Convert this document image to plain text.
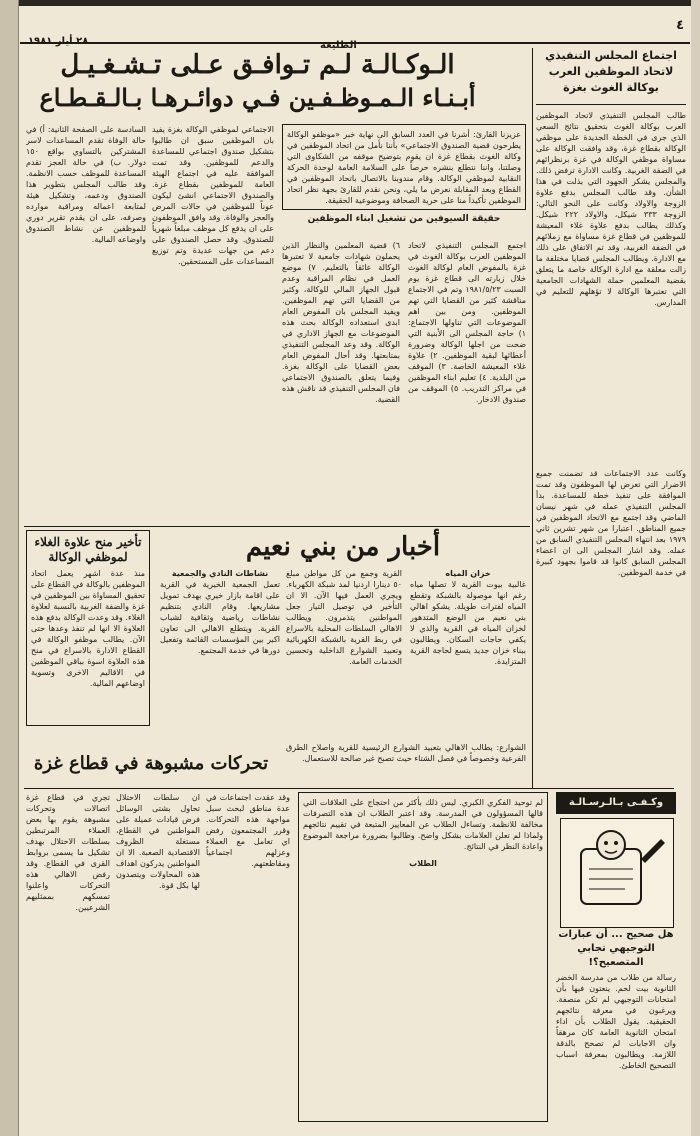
٤
الطليعة
٢٨ أيار ١٩٨١
اجتماع المجلس التنفيذي لاتحاد الموظفين العرب بوكالة الغوث بغزة
طالب المجلس التنفيذي لاتحاد الموظفين العرب بوكالة الغوث بتحقيق نتائج السعي الذي جرى في الخطة الجديدة على موظفي الوكالة بقطاع غزة، وقد وافقت الوكالة على مساواة موظفي الوكالة في غزة برنظرائهم في الضفة الغربية. وكانت الادارة ترفض ذلك. والمجلس يشكر الجهود التي بذلت في هذا الشأن. وقد طالب المجلس بدفع علاوة الزوجة والاولاد وكانت على النحو التالي: الزوجة ٣٣٣ شيكل، والاولاد ٢٢٢ شيكل. وكذلك يطالب بدفع علاوة غلاء المعيشة للموظفين في قطاع غزة مساواة مع زملائهم في الضفة الغربية، وقد تم الاتفاق على ذلك مع الادارة. ويطالب المجلس قضايا مختلفة ما زالت معلقة مع ادارة الوكالة خاصة ما يتعلق بقضية المعلمين حملة الشهادات الجامعية التي تعتبرها الوكالة لا تؤهلهم للتعليم في المدارس.
وكانت عدد الاجتماعات قد تضمنت جميع الاضرار التي تعرض لها الموظفون وقد تمت الموافقة على تنفيذ خطة للمساعدة. بدأ المجلس التنفيذي عمله في شهر نيسان الماضي وقد اجتمع مع الاتحاد الموظفين في جميع المناطق. اعتبارا من شهر تشرين ثاني ١٩٧٩ بعد انتهاء المجلس التنفيذي السابق من عمله. وقد اشار المجلس الى ان اعضاء المجلس السابق كانوا قد قاموا بجهود كبيرة في خدمة الموظفين.
الـوكـالـة لـم تـوافـق عـلى تـشـغـيـل
أبـنـاء الـمـوظـفـين فـي دوائـرهـا بـالـقـطـاع
عزيزنا القارئ: أشرنا في العدد السابق الى نهاية خبر «موظفو الوكالة يطرحون قضية الصندوق الاجتماعي» بأننا نأمل من اتحاد الموظفين في وكالة الغوث بقطاع غزة ان يقوم بتوضيح موقفه من الشكاوى التي وصلتنا، واننا نتطلع بنشره حرصاً على السلامة العامة لوحدة الحركة النقابية لموظفي الوكالة. وقام مندوبنا بالاتصال باتحاد الموظفين في القطاع وبعد المقابلة نعرض ما يلي، ونحن نقدم للقارئ بجهة نظر اتحاد الموظفين تأكيداً منا على حرية الصحافة وموضوعية الحقيقة.
حقيقة السيوفين من تشغيل أبناء الموظفين
اجتمع المجلس التنفيذي لاتحاد الموظفين العرب بوكالة الغوث في غزة بالمفوض العام لوكالة الغوث خلال زيارته الى قطاع غزة يوم السبت ١٩٨١/٥/٢٣ وتم في الاجتماع مناقشة كثير من القضايا التي تهم الموظفين. ومن بين اهم الموضوعات التي تناولها الاجتماع: ١) حاجة المجلس الى الأبنية التي ضحت من اجلها الوكالة وضرورة أعطائها لبقية الموظفين. ٢) علاوة غلاء المعيشة الخاصة. ٣) الموقف من البلدية. ٤) تعليم ابناء الموظفين في مراكز التدريب. ٥) الموقف من صندوق الادخار.
٦) قضية المعلمين والنظار الذين يحملون شهادات جامعية لا تعتبرها الوكالة عائقاً بالتعليم. ٧) موضع العمل في نظام المراقبة وعدم قبول الجهاز المالي للوكالة، وكثير من القضايا التي تهم الموظفين. ويفيد المجلس بان المفوض العام ابدى استعداده الوكالة بحث هذه الموضوعات مع الجهاز الاداري في الوكالة. وقد وعد المجلس التنفيذي بمتابعتها. وقد أحال المفوض العام بعض القضايا على الوكالة بغزة. وفيما يتعلق بالصندوق الاجتماعي فان المجلس التنفيذي قد ناقش هذه القضية.
الاجتماعي لموظفي الوكالة بغزة يفيد بان الموظفين سبق ان طالبوا بتشكيل صندوق اجتماعي للمساعدة والدعم للموظفين. وقد تمت الموافقة عليه في اجتماع الهيئة العامة للموظفين بقطاع غزة. والصندوق الاجتماعي انشئ ليكون عوناً للموظفين في حالات المرض والعجز والوفاة. وقد وافق الموظفون على ان يدفع كل موظف مبلغاً شهرياً للصندوق. وقد حصل الصندوق على دعم من جهات عديدة وتم توزيع المساعدات على المستحقين.
السادسة على الصفحة الثانية: أ) في حالة الوفاة تقدم المساعدات لاسر المشتركين بالتساوي بواقع ١٥٠ دولار. ب) في حالة العجز تقدم المساعدة للموظف حسب الانظمة. وقد طالب المجلس بتطوير هذا الصندوق ودعمه، وتشكيل هيئة لمتابعة اعماله ومراقبة موارده وصرفه، على ان يقدم تقرير دوري للموظفين عن نشاط الصندوق واوضاعه المالية.
تأخير منح علاوة الغلاء لموظفي الوكالة
منذ عدة اشهر يعمل اتحاد الموظفين بالوكالة في القطاع على تحقيق المساواة بين الموظفين في غزة والضفة الغربية بالنسبة لعلاوة الغلاء. وقد وعدت الوكالة بدفع هذه العلاوة الا انها لم تنفذ وعدها حتى الآن. يطالب موظفو الوكالة في القطاع الادارة بالاسراع في منح هذه العلاوة اسوة بباقي الموظفين في الاقاليم الاخرى وتسوية اوضاعهم المالية.
أخبار من بني نعيم
خزان المياه
غالبية بيوت القرية لا تصلها مياه رغم انها موصولة بالشبكة وتقطع المياه لفترات طويلة. يشكو اهالي بني نعيم من الوضع المتدهور لخزان المياه في القرية والذي لا يكفي حاجات السكان. ويطالبون ببناء خزان جديد يتسع لحاجة القرية المتزايدة.
القرية وجمع من كل مواطن مبلغ ٥٠ دينارا اردنيا لمد شبكة الكهرباء. ويجري العمل فيها الآن. الا ان التأخير في توصيل التيار جعل المواطنين يتذمرون. ويطالب الاهالي السلطات المحلية بالاسراع في ربط القرية بالشبكة الكهربائية وتعبيد الشوارع الداخلية وتحسين الخدمات العامة.
نشاطات النادي والجمعية
تعمل الجمعية الخيرية في القرية على اقامة بازار خيري بهدف تمويل مشاريعها. وقام النادي بتنظيم نشاطات رياضية وثقافية لشباب القرية. ويتطلع الاهالي الى تعاون اكبر بين المؤسسات القائمة وتفعيل دورها في خدمة المجتمع.
الشوارع: يطالب الاهالي بتعبيد الشوارع الرئيسية للقرية واصلاح الطرق الفرعية وخصوصاً في فصل الشتاء حيث تصبح غير صالحة للاستعمال.
تحركات مشبوهة في قطاع غزة
تجري في قطاع غزة اتصالات وتحركات مشبوهة يقوم بها بعض العملاء المرتبطين بسلطات الاحتلال بهدف تشكيل ما يسمى بروابط القرى في القطاع. وقد رفض الاهالي هذه التحركات واعلنوا تمسكهم بممثليهم الشرعيين.
ان سلطات الاحتلال تحاول بشتى الوسائل فرض قيادات عميلة على المواطنين في القطاع، مستغلة الظروف الاقتصادية الصعبة. الا ان المواطنين يدركون اهداف هذه المحاولات ويتصدون لها بكل قوة.
وقد عقدت اجتماعات في عدة مناطق لبحث سبل مواجهة هذه التحركات. وقرر المجتمعون رفض اي تعامل مع العملاء وعزلهم اجتماعياً ومقاطعتهم.
لم توحيد الفكري الكبري. ليس ذلك بأكثر من احتجاج على العلاقات التي قالها المسؤولون في المدرسة. وقد اعتبر الطلاب ان هذه التصرفات مخالفة للانظمة. وتساءل الطلاب عن المعايير المتبعة في تقييم نتائجهم ولماذا لم تعلن العلامات بشكل واضح. وطالبوا بضرورة مراجعة الموضوع واعادة النظر في النتائج.
الطلاب
وكـفـى بـالـرسـالـة
هل صحيح ... أن عبارات التوجيهي تجابي المتصعيح؟!
رسالة من طلاب من مدرسة الخضر الثانوية بيت لحم. ينعتون فيها بأن امتحانات التوجيهي لم تكن منصفة. ويرغبون في معرفة نتائجهم الحقيقية. يقول الطلاب بأن اداء امتحان الثانوية العامة كان مرهقاً وان الاجابات لم تصحح بالدقة اللازمة. ويطالبون بمعرفة اسباب التصحيح الخاطئ.
